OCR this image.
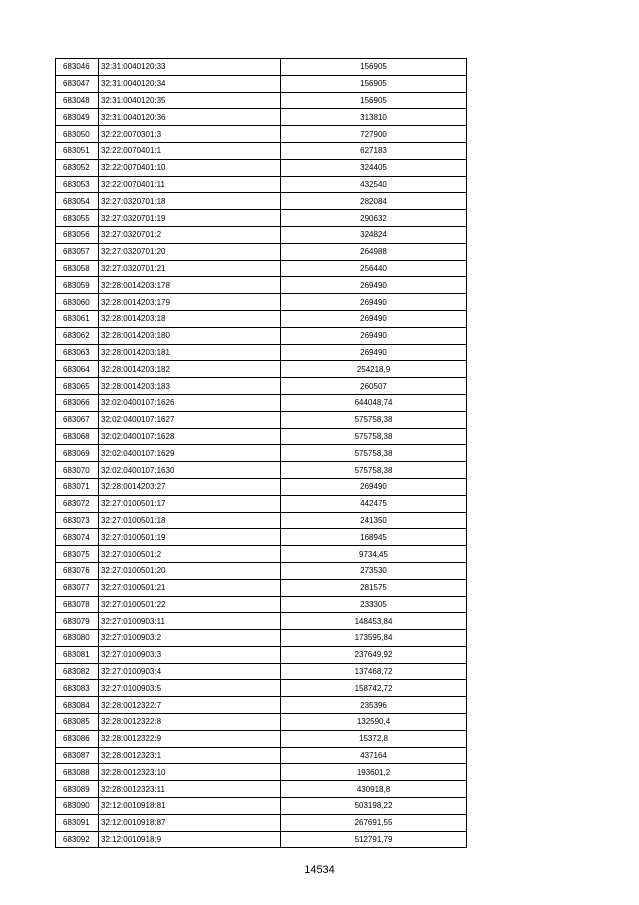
683046	32:31:0040120:33	156905
683047	32:31:0040120:34	156905
683048	32:31:0040120:35	156905
683049	32:31:0040120:36	313810
683050	32:22:0070301:3	727900
683051	32:22:0070401:1	627183
683052	32:22:0070401:10	324405
683053	32:22:0070401:11	432540
683054	32:27:0320701:18	282084
683055	32:27:0320701:19	290632
683056	32:27:0320701:2	324824
683057	32:27:0320701:20	264988
683058	32:27:0320701:21	256440
683059	32:28:0014203:178	269490
683060	32:28:0014203:179	269490
683061	32:28:0014203:18	269490
683062	32:28:0014203:180	269490
683063	32:28:0014203:181	269490
683064	32:28:0014203:182	254218,9
683065	32:28:0014203:183	260507
683066	32:02:0400107:1626	644048,74
683067	32:02:0400107:1627	575758,38
683068	32:02:0400107:1628	575758,38
683069	32:02:0400107:1629	575758,38
683070	32:02:0400107:1630	575758,38
683071	32:28:0014203:27	269490
683072	32:27:0100501:17	442475
683073	32:27:0100501:18	241350
683074	32:27:0100501:19	168945
683075	32:27:0100501:2	9734,45
683076	32:27:0100501:20	273530
683077	32:27:0100501:21	281575
683078	32:27:0100501:22	233305
683079	32:27:0100903:11	148453,84
683080	32:27:0100903:2	173595,84
683081	32:27:0100903:3	237649,92
683082	32:27:0100903:4	137468,72
683083	32:27:0100903:5	158742,72
683084	32:28:0012322:7	235396
683085	32:28:0012322:8	132590,4
683086	32:28:0012322:9	15372,8
683087	32:28:0012323:1	437164
683088	32:28:0012323:10	193601,2
683089	32:28:0012323:11	430918,8
683090	32:12:0010918:81	503198,22
683091	32:12:0010918:87	267691,55
683092	32:12:0010918:9	512791,79
14534
